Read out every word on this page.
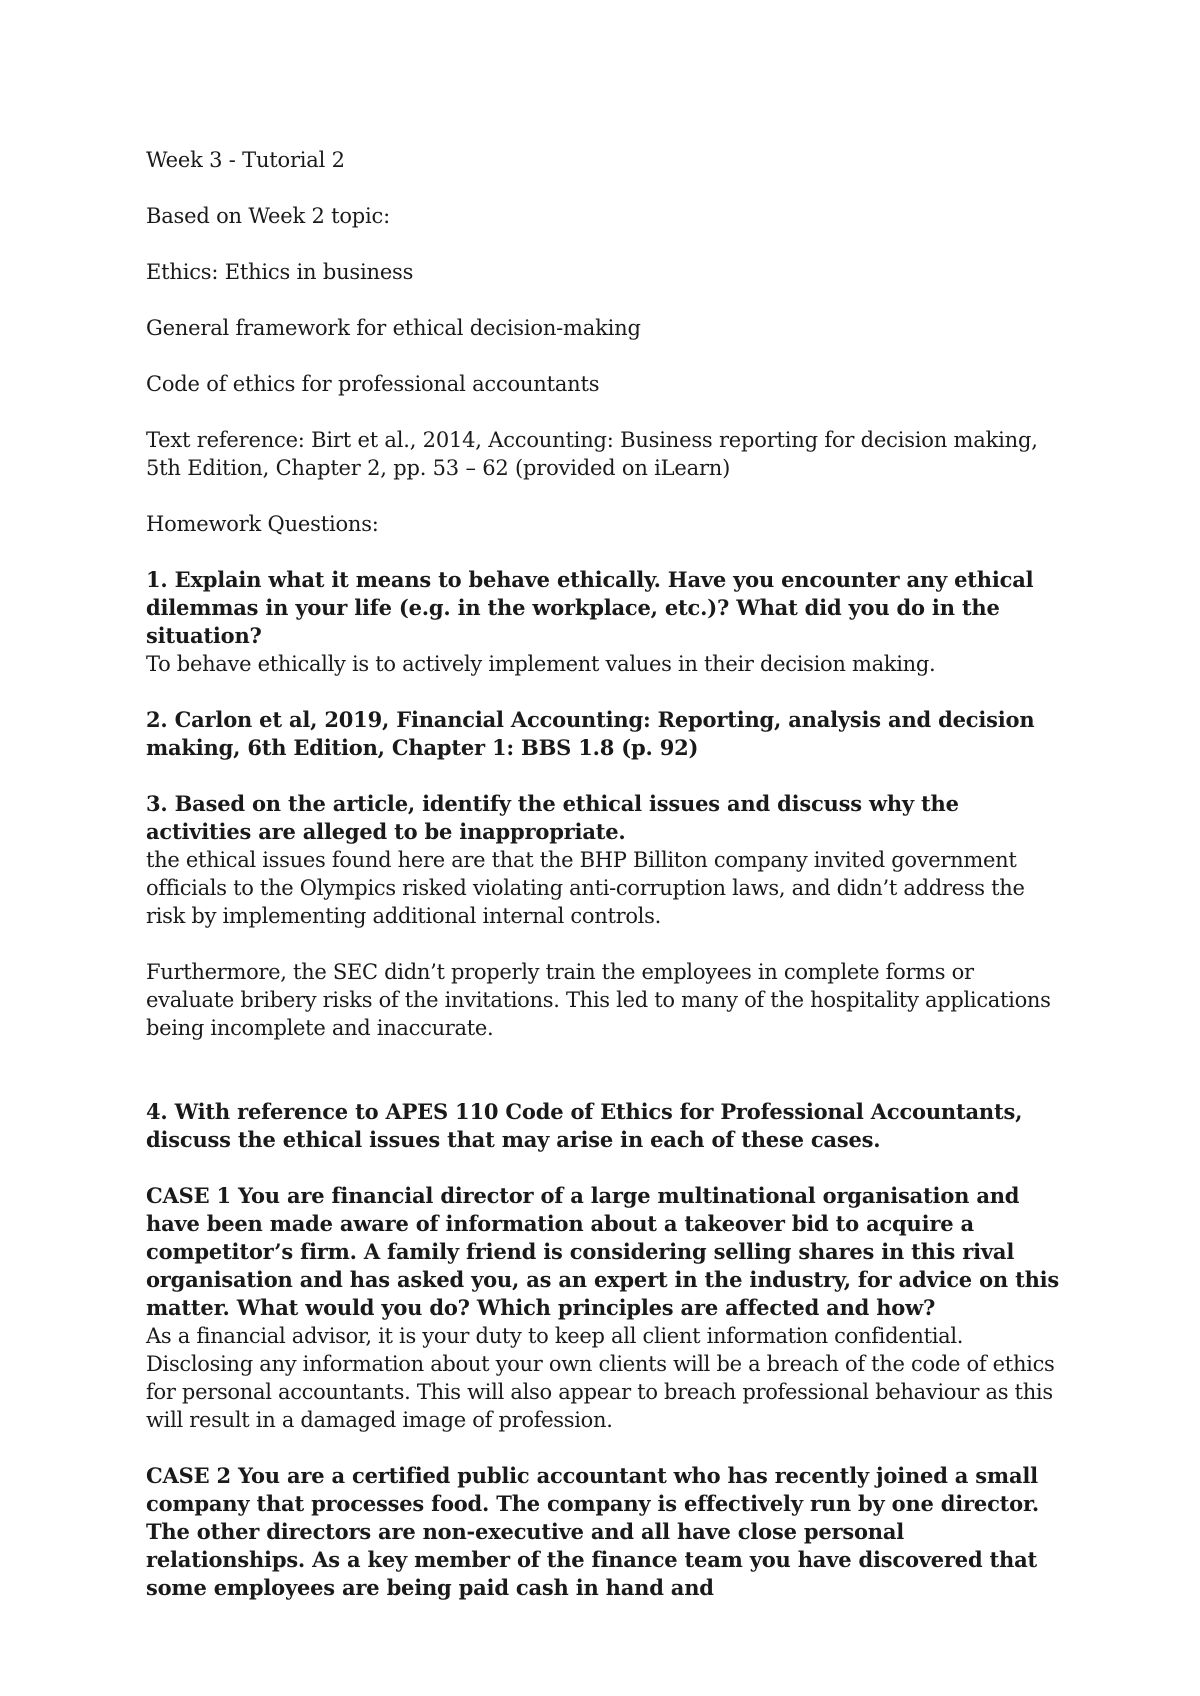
Week 3 - Tutorial 2

Based on Week 2 topic:

Ethics: Ethics in business

General framework for ethical decision-making

Code of ethics for professional accountants

Text reference: Birt et al., 2014, Accounting: Business reporting for decision making, 5th Edition, Chapter 2, pp. 53 – 62 (provided on iLearn)

Homework Questions:

1. Explain what it means to behave ethically. Have you encounter any ethical dilemmas in your life (e.g. in the workplace, etc.)? What did you do in the situation?

To behave ethically is to actively implement values in their decision making.

2. Carlon et al, 2019, Financial Accounting: Reporting, analysis and decision making, 6th Edition, Chapter 1: BBS 1.8 (p. 92)

3. Based on the article, identify the ethical issues and discuss why the activities are alleged to be inappropriate.

the ethical issues found here are that the BHP Billiton company invited government officials to the Olympics risked violating anti-corruption laws, and didn’t address the risk by implementing additional internal controls.

Furthermore, the SEC didn’t properly train the employees in complete forms or evaluate bribery risks of the invitations. This led to many of the hospitality applications being incomplete and inaccurate.

4. With reference to APES 110 Code of Ethics for Professional Accountants, discuss the ethical issues that may arise in each of these cases.

CASE 1 You are financial director of a large multinational organisation and have been made aware of information about a takeover bid to acquire a competitor’s firm. A family friend is considering selling shares in this rival organisation and has asked you, as an expert in the industry, for advice on this matter. What would you do? Which principles are affected and how?

As a financial advisor, it is your duty to keep all client information confidential. Disclosing any information about your own clients will be a breach of the code of ethics for personal accountants. This will also appear to breach professional behaviour as this will result in a damaged image of profession.

CASE 2 You are a certified public accountant who has recently joined a small company that processes food. The company is effectively run by one director. The other directors are non-executive and all have close personal relationships. As a key member of the finance team you have discovered that some employees are being paid cash in hand and
